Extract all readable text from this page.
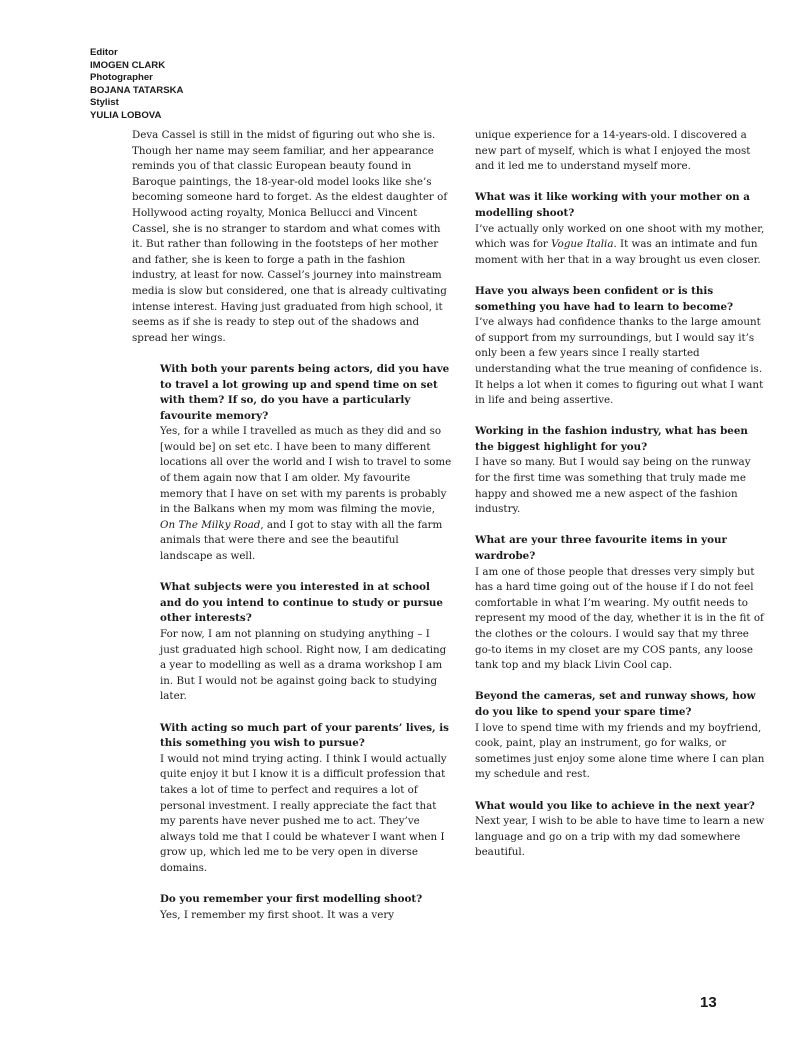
Editor
IMOGEN CLARK
Photographer
BOJANA TATARSKA
Stylist
YULIA LOBOVA

Deva Cassel is still in the midst of figuring out who she is. Though her name may seem familiar, and her appearance reminds you of that classic European beauty found in Baroque paintings, the 18-year-old model looks like she’s becoming someone hard to forget. As the eldest daughter of Hollywood acting royalty, Monica Bellucci and Vincent Cassel, she is no stranger to stardom and what comes with it. But rather than following in the footsteps of her mother and father, she is keen to forge a path in the fashion industry, at least for now. Cassel’s journey into mainstream media is slow but considered, one that is already cultivating intense interest. Having just graduated from high school, it seems as if she is ready to step out of the shadows and spread her wings.

With both your parents being actors, did you have to travel a lot growing up and spend time on set with them? If so, do you have a particularly favourite memory?

Yes, for a while I travelled as much as they did and so [would be] on set etc. I have been to many different locations all over the world and I wish to travel to some of them again now that I am older. My favourite memory that I have on set with my parents is probably in the Balkans when my mom was filming the movie, On The Milky Road, and I got to stay with all the farm animals that were there and see the beautiful landscape as well.

What subjects were you interested in at school and do you intend to continue to study or pursue other interests?

For now, I am not planning on studying anything – I just graduated high school. Right now, I am dedicating a year to modelling as well as a drama workshop I am in. But I would not be against going back to studying later.

With acting so much part of your parents’ lives, is this something you wish to pursue?

I would not mind trying acting. I think I would actually quite enjoy it but I know it is a difficult profession that takes a lot of time to perfect and requires a lot of personal investment. I really appreciate the fact that my parents have never pushed me to act. They’ve always told me that I could be whatever I want when I grow up, which led me to be very open in diverse domains.

Do you remember your first modelling shoot?

Yes, I remember my first shoot. It was a very

unique experience for a 14-years-old. I discovered a new part of myself, which is what I enjoyed the most and it led me to understand myself more.

What was it like working with your mother on a modelling shoot?

I’ve actually only worked on one shoot with my mother, which was for Vogue Italia. It was an intimate and fun moment with her that in a way brought us even closer.

Have you always been confident or is this something you have had to learn to become?

I’ve always had confidence thanks to the large amount of support from my surroundings, but I would say it’s only been a few years since I really started understanding what the true meaning of confidence is. It helps a lot when it comes to figuring out what I want in life and being assertive.

Working in the fashion industry, what has been the biggest highlight for you?

I have so many. But I would say being on the runway for the first time was something that truly made me happy and showed me a new aspect of the fashion industry.

What are your three favourite items in your wardrobe?

I am one of those people that dresses very simply but has a hard time going out of the house if I do not feel comfortable in what I’m wearing. My outfit needs to represent my mood of the day, whether it is in the fit of the clothes or the colours. I would say that my three go-to items in my closet are my COS pants, any loose tank top and my black Livin Cool cap.

Beyond the cameras, set and runway shows, how do you like to spend your spare time?

I love to spend time with my friends and my boyfriend, cook, paint, play an instrument, go for walks, or sometimes just enjoy some alone time where I can plan my schedule and rest.

What would you like to achieve in the next year?

Next year, I wish to be able to have time to learn a new language and go on a trip with my dad somewhere beautiful.

13
